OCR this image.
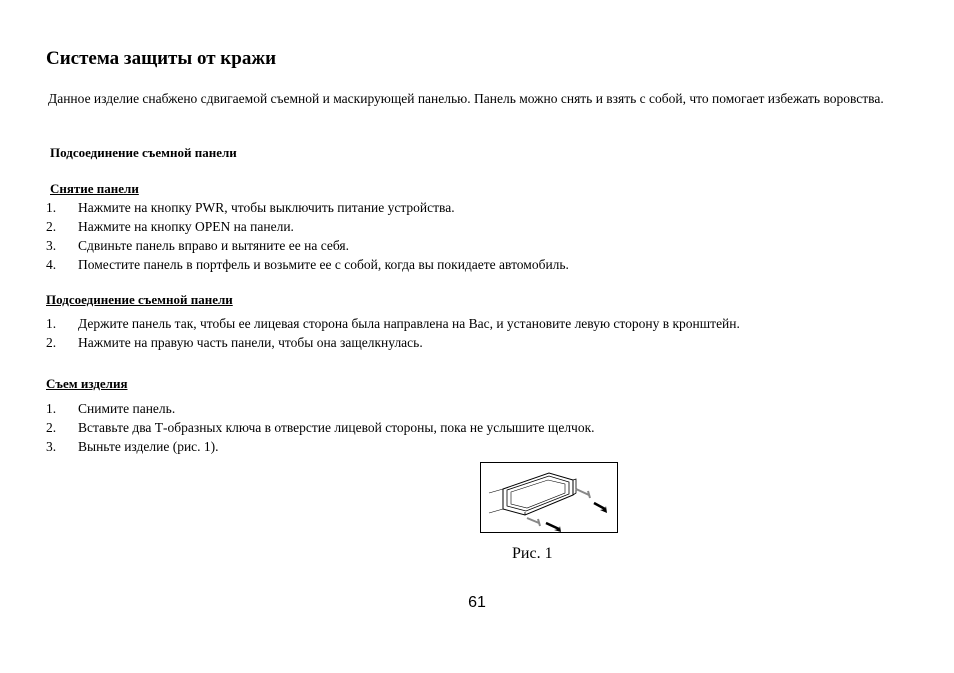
Система защиты от кражи

Данное изделие снабжено сдвигаемой съемной и маскирующей панелью. Панель можно снять и взять с собой, что помогает избежать воровства.

Подсоединение съемной панели
Снятие панели
1.	Нажмите на кнопку PWR, чтобы выключить питание устройства.
2.	Нажмите на кнопку OPEN на панели.
3.	Сдвиньте панель вправо и вытяните ее на себя.
4.	Поместите панель в портфель и возьмите ее с собой, когда вы покидаете автомобиль.
Подсоединение съемной панели
1.	Держите панель так, чтобы ее лицевая сторона была направлена на Вас, и установите левую сторону в кронштейн.
2.	Нажмите на правую часть панели, чтобы она защелкнулась.
Съем изделия
1.	Снимите панель.
2.	Вставьте два Т-образных ключа в отверстие лицевой стороны, пока не услышите щелчок.
3.	Выньте изделие (рис. 1).
Рис. 1
61
